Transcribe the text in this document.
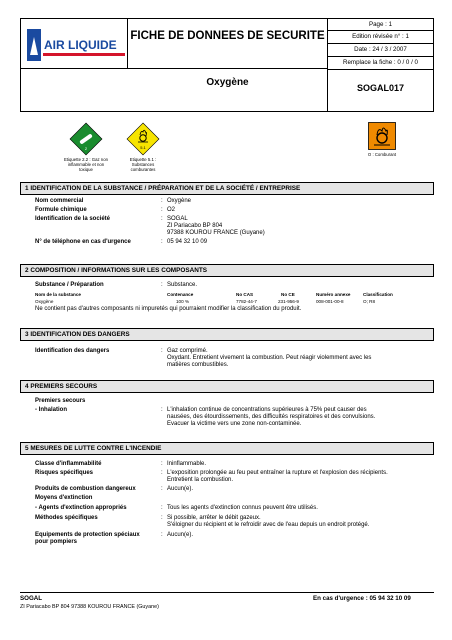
AIR LIQUIDE
FICHE DE DONNEES DE SECURITE
Page : 1
Edition révisée n° : 1
Date : 24 / 3 / 2007
Remplace la fiche : 0 / 0 / 0
Oxygène	SOGAL017
2
Etiquette 2.2 : Gaz non inflammable et non toxique
5.1
Etiquette 5.1 : Substances comburantes
O : Comburant
1 IDENTIFICATION DE LA SUBSTANCE / PRÉPARATION ET DE LA SOCIÉTÉ / ENTREPRISE
Nom commercial	: Oxygène
Formule chimique	: O2
Identification de la société	: SOGAL
ZI Pariacabo BP 804
97388 KOUROU FRANCE (Guyane)
N° de téléphone en cas d'urgence	: 05 94 32 10 09
2 COMPOSITION / INFORMATIONS SUR LES COMPOSANTS
Substance / Préparation	: Substance.
Nom de la substance	Contenance	No CAS	No CE	Numéro annexe	Classification
Oxygène	100 %	7782-44-7	231-956-9	008-001-00-8	O; R8
Ne contient pas d'autres composants ni impuretés qui pourraient modifier la classification du produit.
3 IDENTIFICATION DES DANGERS
Identification des dangers	: Gaz comprimé.
Oxydant. Entretient vivement la combustion. Peut réagir violemment avec les
matières combustibles.
4 PREMIERS SECOURS
Premiers secours
- Inhalation	: L'inhalation continue de concentrations supérieures à 75% peut causer des
nausées, des étourdissements, des difficultés respiratoires et des convulsions.
Evacuer la victime vers une zone non-contaminée.
5 MESURES DE LUTTE CONTRE L'INCENDIE
Classe d'inflammabilité	: Ininflammable.
Risques spécifiques	: L'exposition prolongée au feu peut entraîner la rupture et l'explosion des récipients.
Entretient la combustion.
Produits de combustion dangereux	: Aucun(e).
Moyens d'extinction
- Agents d'extinction appropriés	: Tous les agents d'extinction connus peuvent être utilisés.
Méthodes spécifiques	: Si possible, arrêter le débit gazeux.
S'éloigner du récipient et le refroidir avec de l'eau depuis un endroit protégé.
Equipements de protection spéciaux
pour pompiers
: Aucun(e).
SOGAL	En cas d'urgence : 05 94 32 10 09
ZI Pariacabo BP 804 97388 KOUROU FRANCE (Guyane)
